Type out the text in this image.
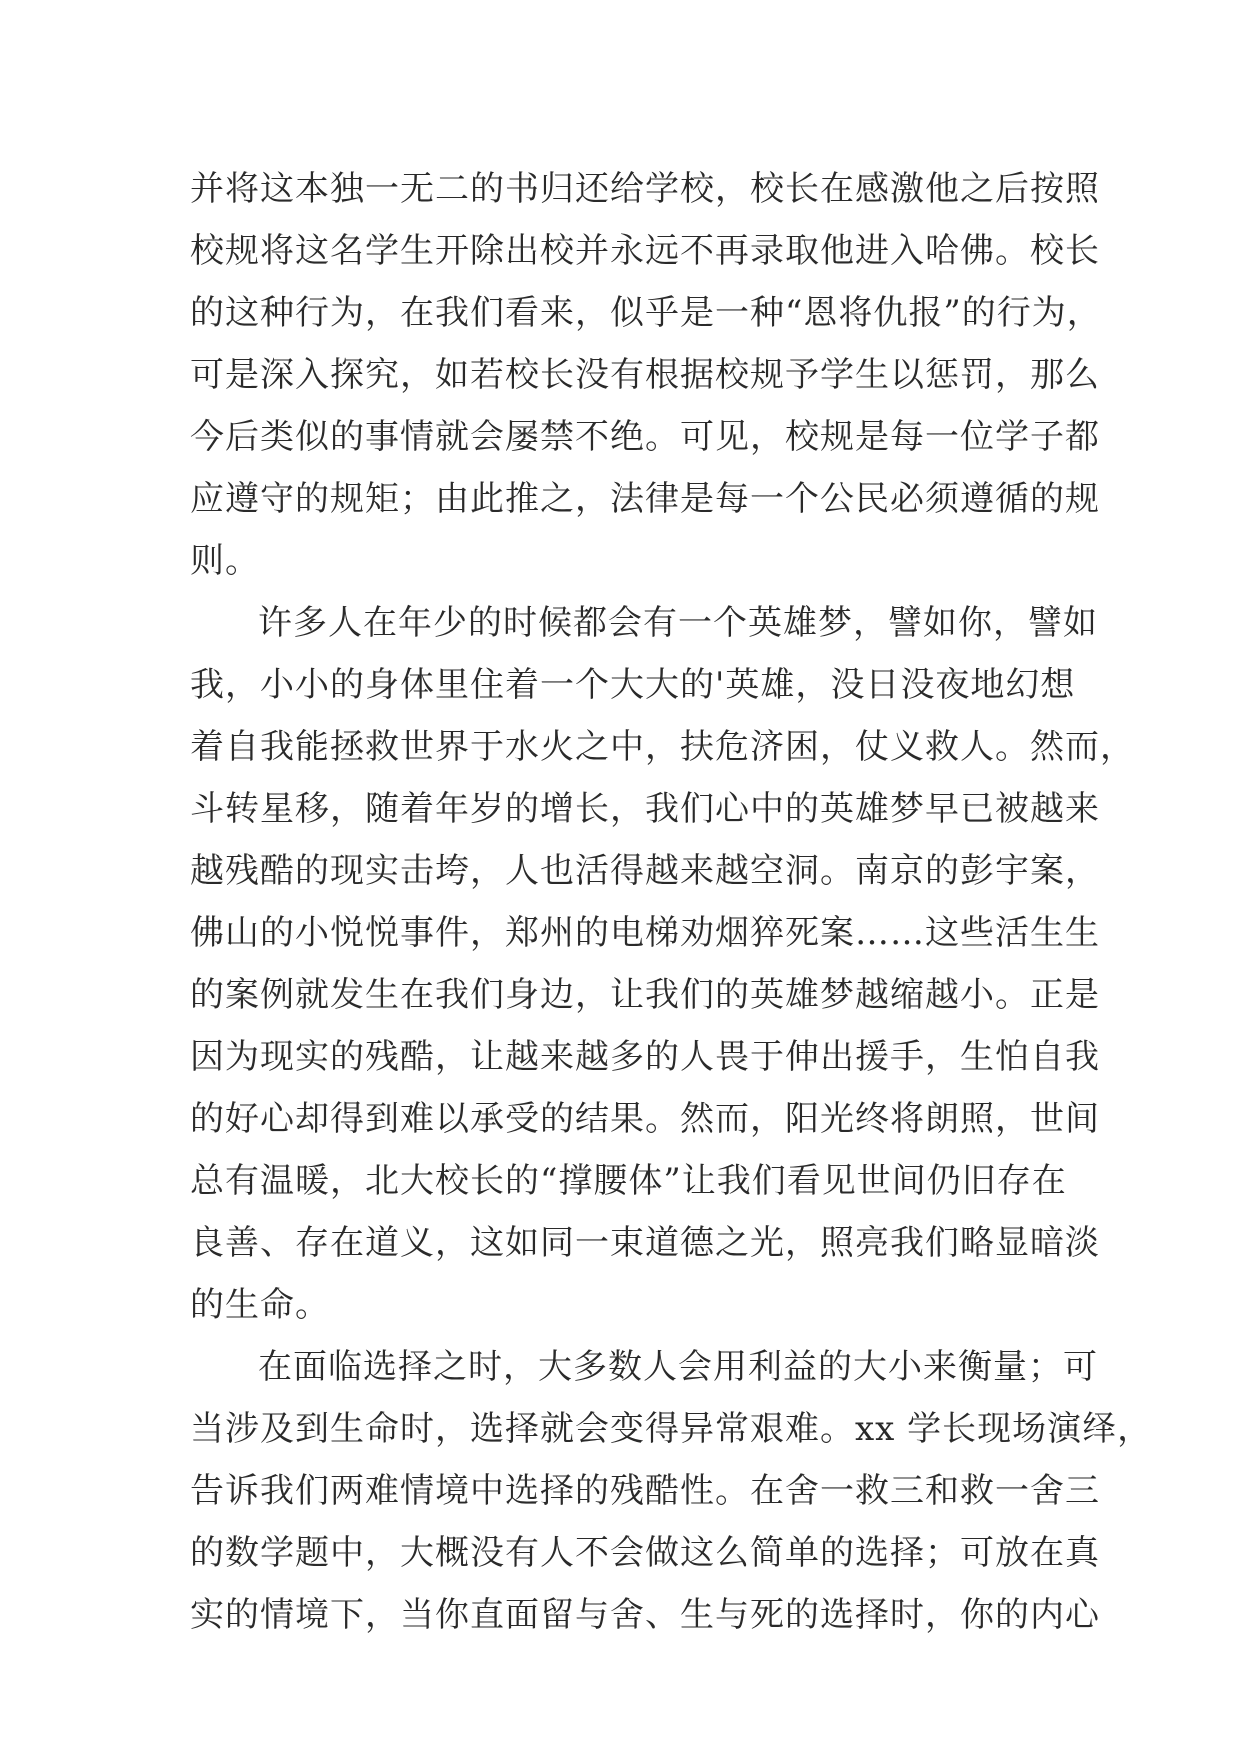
并将这本独一无二的书归还给学校，校长在感激他之后按照
校规将这名学生开除出校并永远不再录取他进入哈佛。校长
的这种行为，在我们看来，似乎是一种“恩将仇报”的行为，
可是深入探究，如若校长没有根据校规予学生以惩罚，那么
今后类似的事情就会屡禁不绝。可见，校规是每一位学子都
应遵守的规矩；由此推之，法律是每一个公民必须遵循的规
则。
许多人在年少的时候都会有一个英雄梦，譬如你，譬如
我，小小的身体里住着一个大大的'英雄，没日没夜地幻想
着自我能拯救世界于水火之中，扶危济困，仗义救人。然而，
斗转星移，随着年岁的增长，我们心中的英雄梦早已被越来
越残酷的现实击垮，人也活得越来越空洞。南京的彭宇案，
佛山的小悦悦事件，郑州的电梯劝烟猝死案……这些活生生
的案例就发生在我们身边，让我们的英雄梦越缩越小。正是
因为现实的残酷，让越来越多的人畏于伸出援手，生怕自我
的好心却得到难以承受的结果。然而，阳光终将朗照，世间
总有温暖，北大校长的“撑腰体”让我们看见世间仍旧存在
良善、存在道义，这如同一束道德之光，照亮我们略显暗淡
的生命。
在面临选择之时，大多数人会用利益的大小来衡量；可
当涉及到生命时，选择就会变得异常艰难。xx 学长现场演绎，
告诉我们两难情境中选择的残酷性。在舍一救三和救一舍三
的数学题中，大概没有人不会做这么简单的选择；可放在真
实的情境下，当你直面留与舍、生与死的选择时，你的内心
